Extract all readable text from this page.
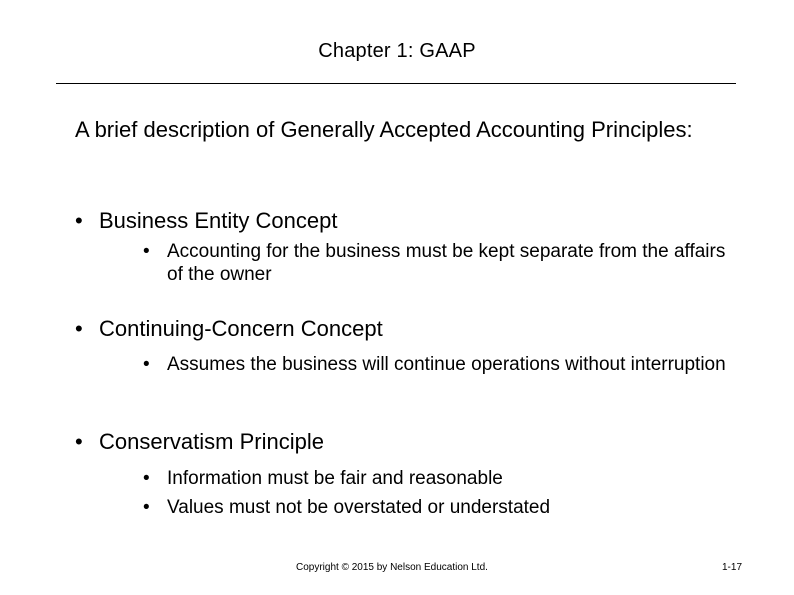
Chapter 1: GAAP
A brief description of Generally Accepted Accounting Principles:
• Business Entity Concept
• Accounting for the business must be kept separate from the affairs of the owner
• Continuing-Concern Concept
• Assumes the business will continue operations without interruption
• Conservatism Principle
• Information must be fair and reasonable
• Values must not be overstated or understated
Copyright © 2015 by Nelson Education Ltd.	1-17
